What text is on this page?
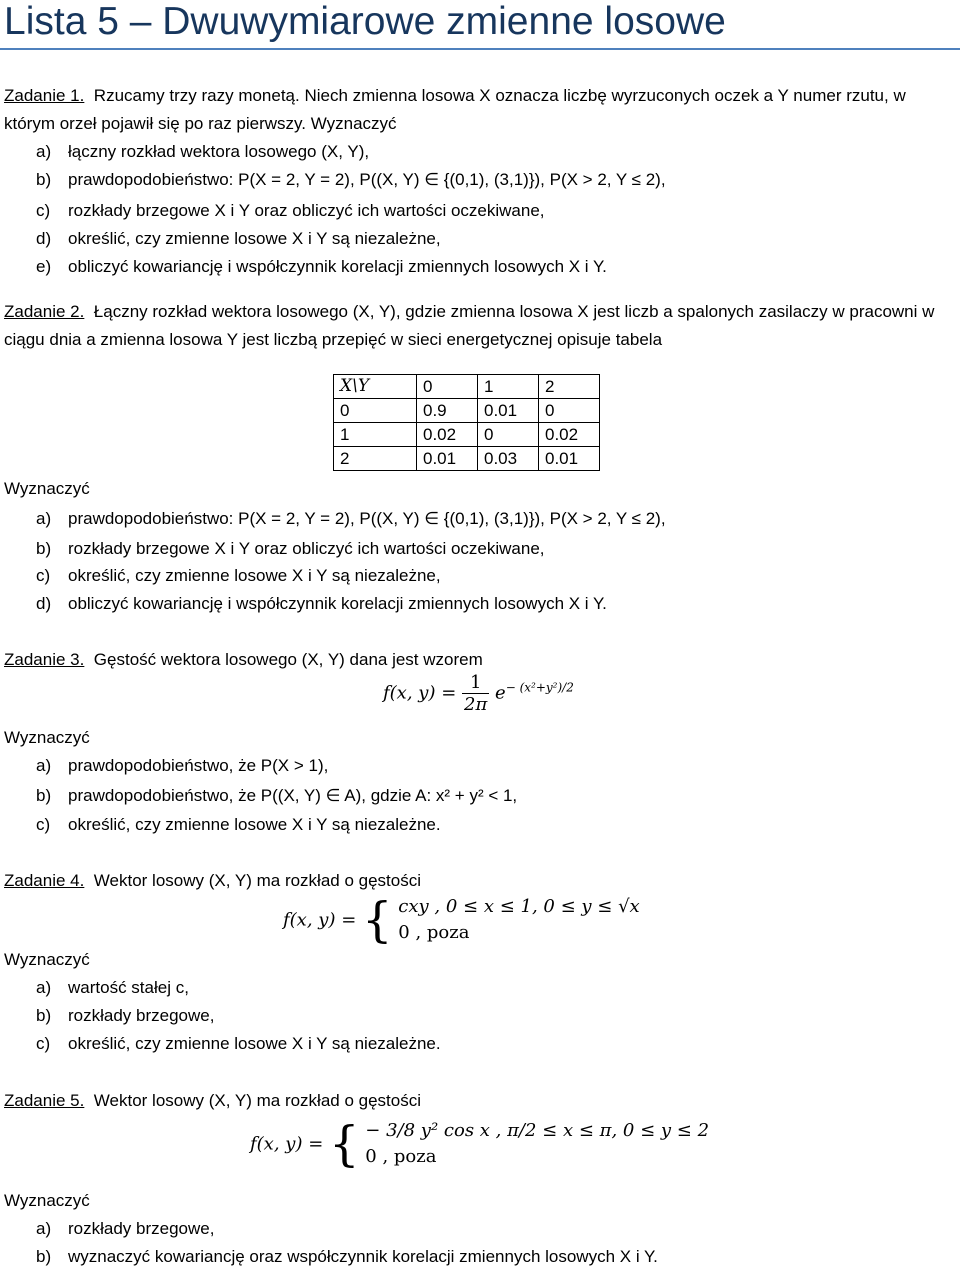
Lista 5 – Dwuwymiarowe zmienne losowe

Zadanie 1. Rzucamy trzy razy monetą. Niech zmienna losowa X oznacza liczbę wyrzuconych oczek a Y numer rzutu, w którym orzeł pojawił się po raz pierwszy. Wyznaczyć

a) łączny rozkład wektora losowego (X, Y),
b) prawdopodobieństwo: P(X = 2, Y = 2), P((X, Y) ∈ {(0,1), (3,1)}), P(X > 2, Y ≤ 2),
c) rozkłady brzegowe X i Y oraz obliczyć ich wartości oczekiwane,
d) określić, czy zmienne losowe X i Y są niezależne,
e) obliczyć kowariancję i współczynnik korelacji zmiennych losowych X i Y.

Zadanie 2. Łączny rozkład wektora losowego (X, Y), gdzie zmienna losowa X jest liczb a spalonych zasilaczy w pracowni w ciągu dnia a zmienna losowa Y jest liczbą przepięć w sieci energetycznej opisuje tabela

X\Y	0	1	2
0	0.9	0.01	0
1	0.02	0	0.02
2	0.01	0.03	0.01
Wyznaczyć
a) prawdopodobieństwo: P(X = 2, Y = 2), P((X, Y) ∈ {(0,1), (3,1)}), P(X > 2, Y ≤ 2),
b) rozkłady brzegowe X i Y oraz obliczyć ich wartości oczekiwane,
c) określić, czy zmienne losowe X i Y są niezależne,
d) obliczyć kowariancję i współczynnik korelacji zmiennych losowych X i Y.

Zadanie 3. Gęstość wektora losowego (X, Y) dana jest wzorem

f(x, $y) = \frac{1}{2\pi} e^{- (x^2+y^2)/2}$
Wyznaczyć
a) prawdopodobieństwo, że P(X > 1),
b) prawdopodobieństwo, że P((X, Y) ∈ A), gdzie A: x² + y² < 1,
c) określić, czy zmienne losowe X i Y są niezależne.

Zadanie 4. Wektor losowy (X, Y) ma rozkład o gęstości

f(x, y) = { cxy , 0 ≤ x ≤ 1, 0 ≤ y ≤ √x
0 , poza
Wyznaczyć
a) wartość stałej c,
b) rozkłady brzegowe,
c) określić, czy zmienne losowe X i Y są niezależne.

Zadanie 5. Wektor losowy (X, Y) ma rozkład o gęstości

f(x, y) = { − 3/8 y² cos x , π/2 ≤ x ≤ π, 0 ≤ y ≤ 2
0 , poza
Wyznaczyć
a) rozkłady brzegowe,
b) wyznaczyć kowariancję oraz współczynnik korelacji zmiennych losowych X i Y.
